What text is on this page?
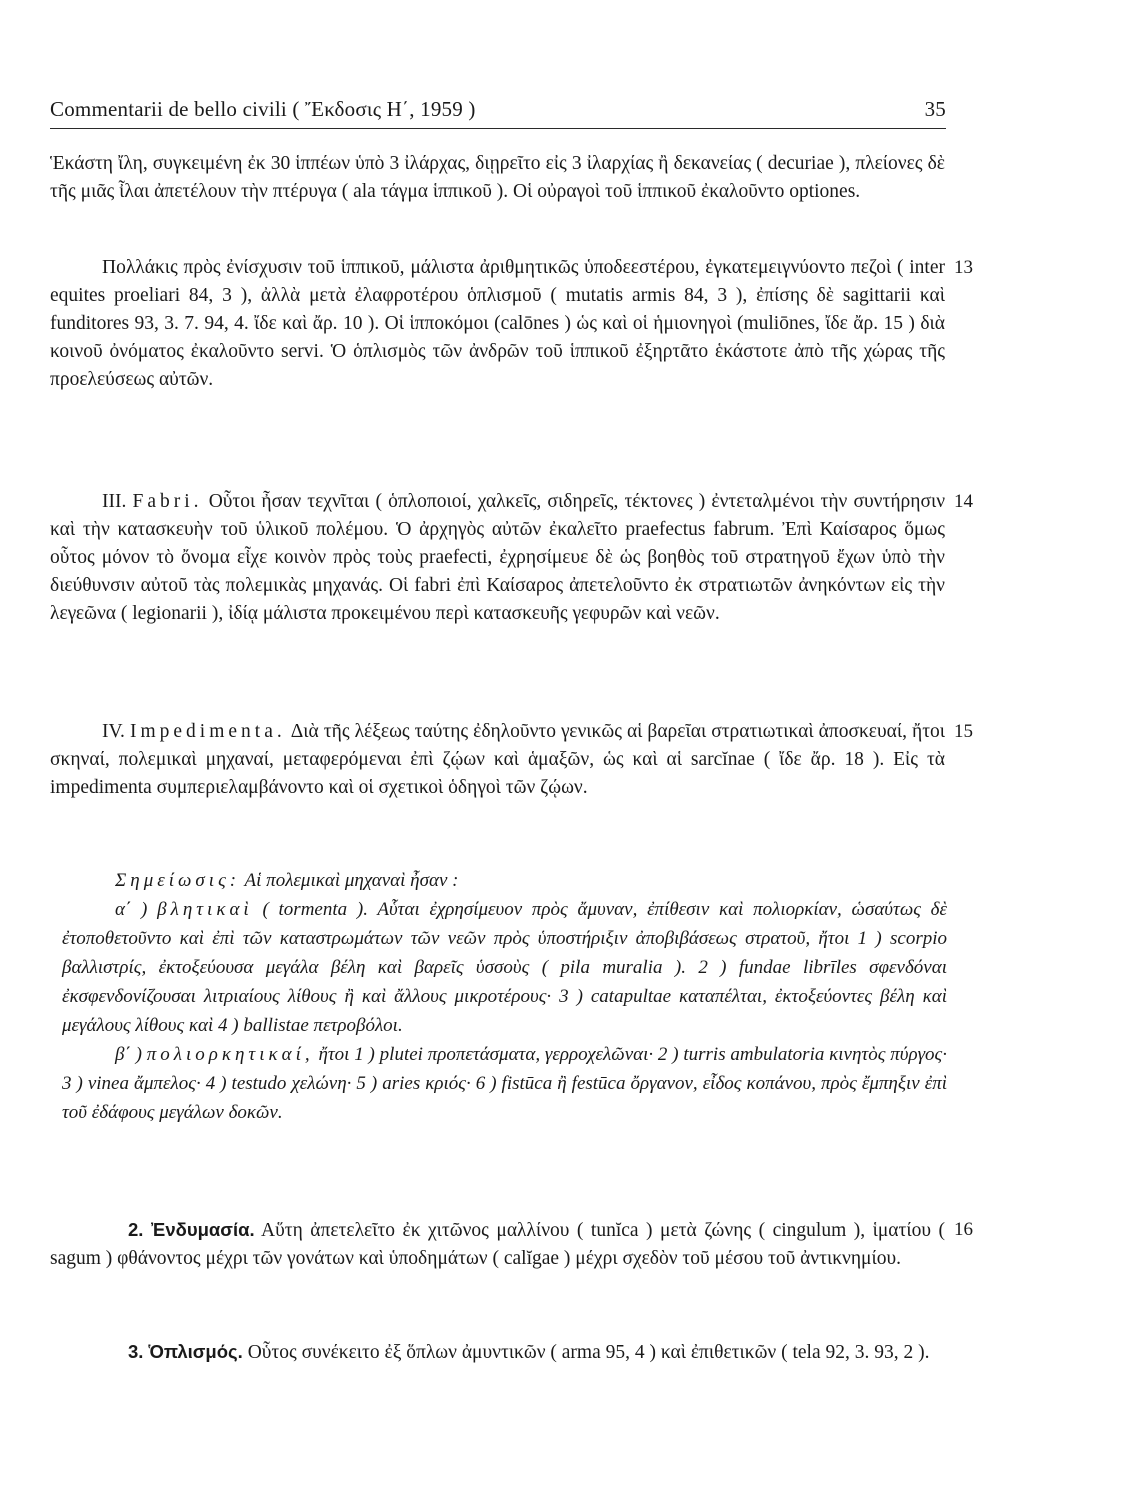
Commentarii de bello civili ( Ἔκδοσις Η΄, 1959 )	35

Ἑκάστη ἴλη, συγκειμένη ἐκ 30 ἱππέων ὑπὸ 3 ἰλάρχας, διῃρεῖτο εἰς 3 ἰλαρχίας ἢ δεκανείας ( decuriae ), πλείονες δὲ τῆς μιᾶς ἶλαι ἀπετέλουν τὴν πτέρυγα ( ala τάγμα ἱππικοῦ ). Οἱ οὐραγοὶ τοῦ ἱππικοῦ ἐκαλοῦντο optiones.

Πολλάκις πρὸς ἐνίσχυσιν τοῦ ἱππικοῦ, μάλιστα ἀριθμητικῶς ὑποδεεστέρου, ἐγκατεμειγνύοντο πεζοὶ ( inter equites proeliari 84, 3 ), ἀλλὰ μετὰ ἐλαφροτέρου ὁπλισμοῦ ( mutatis armis 84, 3 ), ἐπίσης δὲ sagittarii καὶ funditores 93, 3. 7. 94, 4. ἴδε καὶ ἄρ. 10 ). Οἱ ἱπποκόμοι (calōnes ) ὡς καὶ οἱ ἡμιονηγοὶ (muliōnes, ἴδε ἄρ. 15 ) διὰ κοινοῦ ὀνόματος ἐκαλοῦντο servi. Ὁ ὁπλισμὸς τῶν ἀνδρῶν τοῦ ἱππικοῦ ἐξηρτᾶτο ἑκάστοτε ἀπὸ τῆς χώρας τῆς προελεύσεως αὐτῶν.

13

III. Fabri. Οὗτοι ἦσαν τεχνῖται ( ὁπλοποιοί, χαλκεῖς, σιδηρεῖς, τέκτονες ) ἐντεταλμένοι τὴν συντήρησιν καὶ τὴν κατασκευὴν τοῦ ὑλικοῦ πολέμου. Ὁ ἀρχηγὸς αὐτῶν ἐκαλεῖτο praefectus fabrum. Ἐπὶ Καίσαρος ὅμως οὗτος μόνον τὸ ὄνομα εἶχε κοινὸν πρὸς τοὺς praefecti, ἐχρησίμευε δὲ ὡς βοηθὸς τοῦ στρατηγοῦ ἔχων ὑπὸ τὴν διεύθυνσιν αὐτοῦ τὰς πολεμικὰς μηχανάς. Οἱ fabri ἐπὶ Καίσαρος ἀπετελοῦντο ἐκ στρατιωτῶν ἀνηκόντων εἰς τὴν λεγεῶνα ( legionarii ), ἰδίᾳ μάλιστα προκειμένου περὶ κατασκευῆς γεφυρῶν καὶ νεῶν.

14

IV. Impedimenta. Διὰ τῆς λέξεως ταύτης ἐδηλοῦντο γενικῶς αἱ βαρεῖαι στρατιωτικαὶ ἀποσκευαί, ἤτοι σκηναί, πολεμικαὶ μηχαναί, μεταφερόμεναι ἐπὶ ζῴων καὶ ἁμαξῶν, ὡς καὶ αἱ sarcĭnae ( ἴδε ἄρ. 18 ). Εἰς τὰ impedimenta συμπεριελαμβάνοντο καὶ οἱ σχετικοὶ ὁδηγοὶ τῶν ζῴων.

15

Σημείωσις: Αἱ πολεμικαὶ μηχαναὶ ἦσαν :

α΄ ) βλητικαὶ ( tormenta ). Αὗται ἐχρησίμευον πρὸς ἄμυναν, ἐπίθεσιν καὶ πολιορκίαν, ὡσαύτως δὲ ἐτοποθετοῦντο καὶ ἐπὶ τῶν καταστρωμάτων τῶν νεῶν πρὸς ὑποστήριξιν ἀποβιβάσεως στρατοῦ, ἤτοι 1 ) scorpio βαλλιστρίς, ἐκτοξεύουσα μεγάλα βέλη καὶ βαρεῖς ὑσσοὺς ( pila muralia ). 2 ) fundae librīles σφενδόναι ἐκσφενδονίζουσαι λιτριαίους λίθους ἢ καὶ ἄλλους μικροτέρους· 3 ) catapultae καταπέλται, ἐκτοξεύοντες βέλη καὶ μεγάλους λίθους καὶ 4 ) ballistae πετροβόλοι.

β΄ ) πολιορκητικαί, ἤτοι 1 ) plutei προπετάσματα, γερροχελῶναι· 2 ) turris ambulatoria κινητὸς πύργος· 3 ) vinea ἄμπελος· 4 ) testudo χελώνη· 5 ) aries κριός· 6 ) fistūca ἢ festūca ὄργανον, εἶδος κοπάνου, πρὸς ἔμπηξιν ἐπὶ τοῦ ἐδάφους μεγάλων δοκῶν.

2. Ἐνδυμασία. Αὕτη ἀπετελεῖτο ἐκ χιτῶνος μαλλίνου ( tunĭca ) μετὰ ζώνης ( cingulum ), ἱματίου ( sagum ) φθάνοντος μέχρι τῶν γονάτων καὶ ὑποδημάτων ( calĭgae ) μέχρι σχεδὸν τοῦ μέσου τοῦ ἀντικνημίου.

16

3. Ὁπλισμός. Οὗτος συνέκειτο ἐξ ὅπλων ἀμυντικῶν ( arma 95, 4 ) καὶ ἐπιθετικῶν ( tela 92, 3. 93, 2 ).
